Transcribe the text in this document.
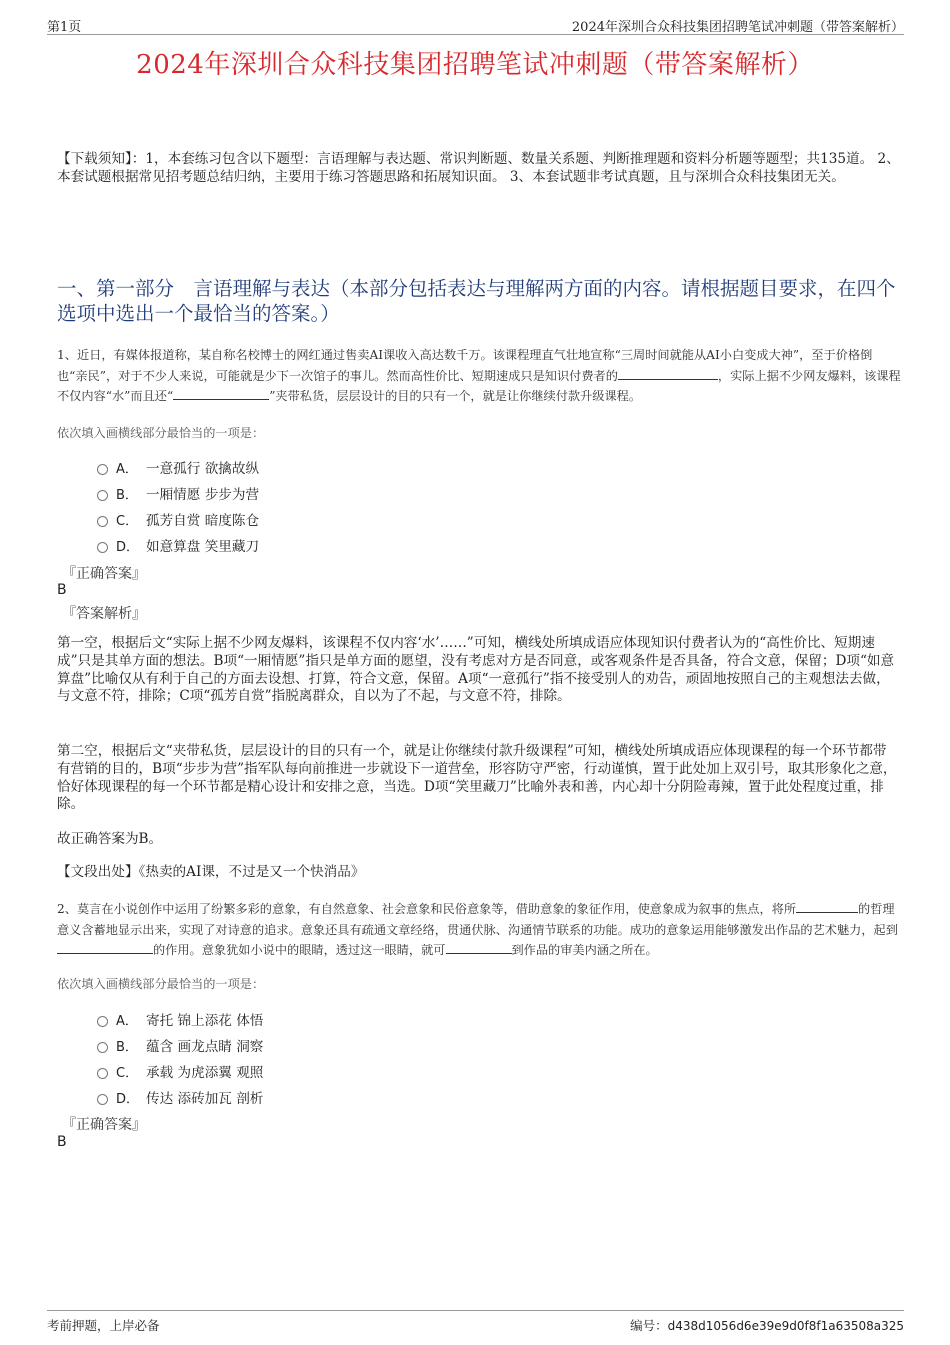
第1页	2024年深圳合众科技集团招聘笔试冲刺题（带答案解析）
2024年深圳合众科技集团招聘笔试冲刺题（带答案解析）
【下载须知】：1，本套练习包含以下题型：言语理解与表达题、常识判断题、数量关系题、判断推理题和资料分析题等题型；共135道。 2、本套试题根据常见招考题总结归纳，主要用于练习答题思路和拓展知识面。 3、本套试题非考试真题，且与深圳合众科技集团无关。
一、第一部分　言语理解与表达（本部分包括表达与理解两方面的内容。请根据题目要求，在四个选项中选出一个最恰当的答案。）
1、近日，有媒体报道称，某自称名校博士的网红通过售卖AI课收入高达数千万。该课程理直气壮地宣称“三周时间就能从AI小白变成大神”，至于价格倒也“亲民”，对于不少人来说，可能就是少下一次馆子的事儿。然而高性价比、短期速成只是知识付费者的	，实际上据不少网友爆料，该课程不仅内容“水”而且还“	”夹带私货，层层设计的目的只有一个，就是让你继续付款升级课程。
依次填入画横线部分最恰当的一项是：
A． 一意孤行 欲擒故纵
B． 一厢情愿 步步为营
C． 孤芳自赏 暗度陈仓
D． 如意算盘 笑里藏刀
『正确答案』
B
『答案解析』
第一空，根据后文“实际上据不少网友爆料，该课程不仅内容‘水’……”可知，横线处所填成语应体现知识付费者认为的“高性价比、短期速成”只是其单方面的想法。B项“一厢情愿”指只是单方面的愿望，没有考虑对方是否同意，或客观条件是否具备，符合文意，保留；D项“如意算盘”比喻仅从有利于自己的方面去设想、打算，符合文意，保留。A项“一意孤行”指不接受别人的劝告，顽固地按照自己的主观想法去做，与文意不符，排除；C项“孤芳自赏”指脱离群众，自以为了不起，与文意不符，排除。
第二空，根据后文“夹带私货，层层设计的目的只有一个，就是让你继续付款升级课程”可知，横线处所填成语应体现课程的每一个环节都带有营销的目的，B项“步步为营”指军队每向前推进一步就设下一道营垒，形容防守严密，行动谨慎，置于此处加上双引号，取其形象化之意，恰好体现课程的每一个环节都是精心设计和安排之意，当选。D项“笑里藏刀”比喻外表和善，内心却十分阴险毒辣，置于此处程度过重，排除。
故正确答案为B。
【文段出处】《热卖的AI课，不过是又一个快消品》
2、莫言在小说创作中运用了纷繁多彩的意象，有自然意象、社会意象和民俗意象等，借助意象的象征作用，使意象成为叙事的焦点，将所	的哲理意义含蓄地显示出来，实现了对诗意的追求。意象还具有疏通文章经络，贯通伏脉、沟通情节联系的功能。成功的意象运用能够激发出作品的艺术魅力，起到的作用。意象犹如小说中的眼睛，透过这一眼睛，就可	到作品的审美内涵之所在。
依次填入画横线部分最恰当的一项是：
A． 寄托 锦上添花 体悟
B． 蕴含 画龙点睛 洞察
C． 承载 为虎添翼 观照
D． 传达 添砖加瓦 剖析
『正确答案』
B
考前押题，上岸必备	编号：d438d1056d6e39e9d0f8f1a63508a325
